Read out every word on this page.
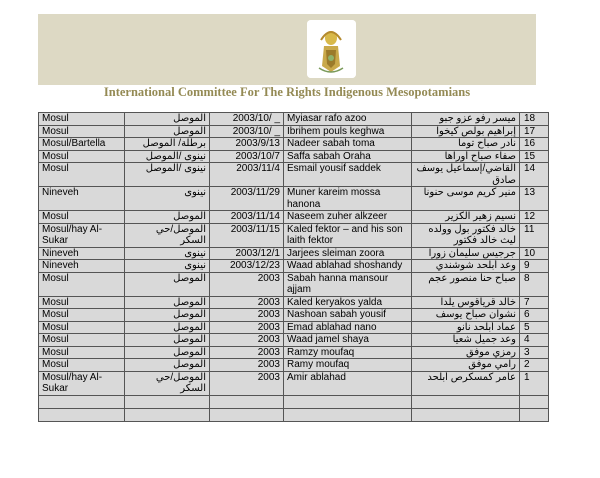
International Committee For The Rights Indigenous Mesopotamians
Mosul	الموصل	2003/10/ _	Myiasar rafo azoo	ميسر رفو عزو جبو	18
Mosul	الموصل	2003/10/ _	Ibrihem pouls keghwa	إبراهيم بولص كيخوا	17
Mosul/Bartella	برطلة/ الموصل	2003/9/13	Nadeer sabah toma	نادر صباح توما	16
Mosul	نينوى /الموصل	2003/10/7	Saffa sabah Oraha	صفاء صباح أوراها	15
Mosul	نينوى /الموصل	2003/11/4	Esmail yousif saddek	القاضي/إسماعيل يوسف صادق	14
Nineveh	نينوى	2003/11/29	Muner kareim mossa hanona	منير كريم موسى حنونا	13
Mosul	الموصل	2003/11/14	Naseem zuher alkzeer	نسيم زهير الكزير	12
Mosul/hay Al-Sukar	الموصل/حي السكر	2003/11/15	Kaled fektor – and his son laith fektor	خالد فكتور بول وولده ليث خالد فكتور	11
Nineveh	نينوى	2003/12/1	Jarjees sleiman zoora	جرجيس سليمان زورا	10
Nineveh	نينوى	2003/12/23	Waad ablahad shoshandy	وعد أبلحد شوشندي	9
Mosul	الموصل	2003	Sabah hanna mansour ajjam	صباح حنا منصور عجم	8
Mosul	الموصل	2003	Kaled keryakos yalda	خالد قرياقوس يلدا	7
Mosul	الموصل	2003	Nashoan sabah yousif	نشوان صباح يوسف	6
Mosul	الموصل	2003	Emad ablahad nano	عماد أبلحد نانو	5
Mosul	الموصل	2003	Waad jamel shaya	وعد جميل شعيا	4
Mosul	الموصل	2003	Ramzy moufaq	رمزي موفق	3
Mosul	الموصل	2003	Ramy moufaq	رامي موفق	2
Mosul/hay Al-Sukar	الموصل/حي السكر	2003	Amir ablahad	عامر كمسكرص أبلحد	1
